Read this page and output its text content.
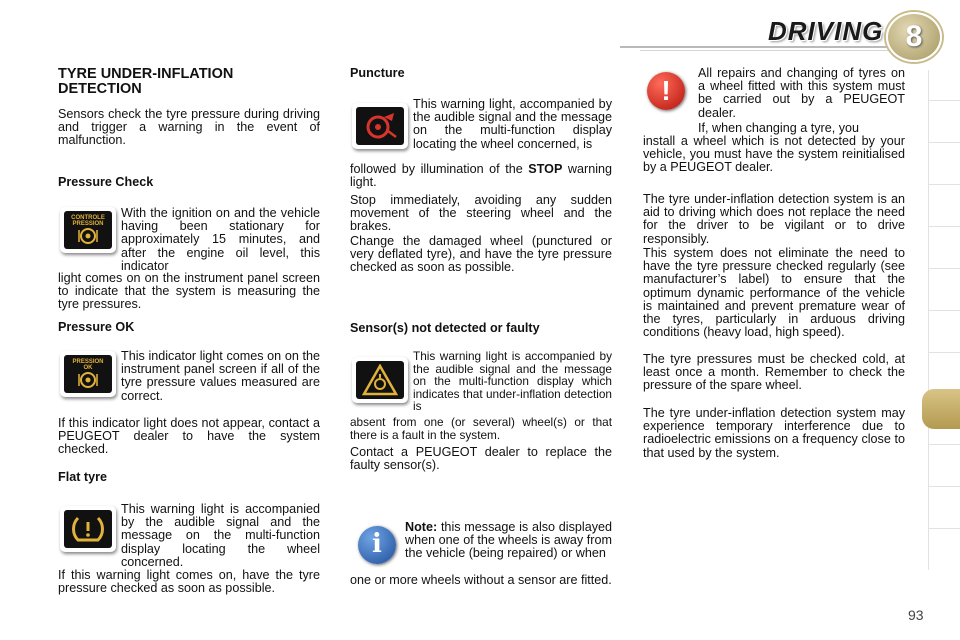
DRIVING 8
TYRE UNDER-INFLATION
DETECTION

Sensors check the tyre pressure during driving and trigger a warning in the event of malfunction.

Pressure Check
CONTROLE
PRESSION

With the ignition on and the vehicle having been stationary for approximately 15 minutes, and after the engine oil level, this indicator

light comes on on the instrument panel screen to indicate that the system is measuring the tyre pressures.

Pressure OK
PRESSION
OK

This indicator light comes on on the instrument panel screen if all of the tyre pressure values measured are correct.

If this indicator light does not appear, contact a PEUGEOT dealer to have the system checked.

Flat tyre

This warning light is accompanied by the audible signal and the message on the multi-function display locating the wheel concerned.

If this warning light comes on, have the tyre pressure checked as soon as possible.

Puncture

This warning light, accompanied by the audible signal and the message on the multi-function display locating the wheel concerned, is

followed by illumination of the STOP warning light.

Stop immediately, avoiding any sudden movement of the steering wheel and the brakes.

Change the damaged wheel (punctured or very deflated tyre), and have the tyre pressure checked as soon as possible.

Sensor(s) not detected or faulty

This warning light is accompanied by the audible signal and the message on the multi-function display which indicates that under-inflation detection is

absent from one (or several) wheel(s) or that there is a fault in the system.

Contact a PEUGEOT dealer to replace the faulty sensor(s).

i

Note: this message is also displayed when one of the wheels is away from the vehicle (being repaired) or when

one or more wheels without a sensor are fitted.

!

All repairs and changing of tyres on a wheel fitted with this system must be carried out by a PEUGEOT dealer.

If, when changing a tyre, you

install a wheel which is not detected by your vehicle, you must have the system reinitialised by a PEUGEOT dealer.

The tyre under-inflation detection system is an aid to driving which does not replace the need for the driver to be vigilant or to drive responsibly.

This system does not eliminate the need to have the tyre pressure checked regularly (see manufacturer’s label) to ensure that the optimum dynamic performance of the vehicle is maintained and prevent premature wear of the tyres, particularly in arduous driving conditions (heavy load, high speed).

The tyre pressures must be checked cold, at least once a month. Remember to check the pressure of the spare wheel.

The tyre under-inflation detection system may experience temporary interference due to radioelectric emissions on a frequency close to that used by the system.

93
